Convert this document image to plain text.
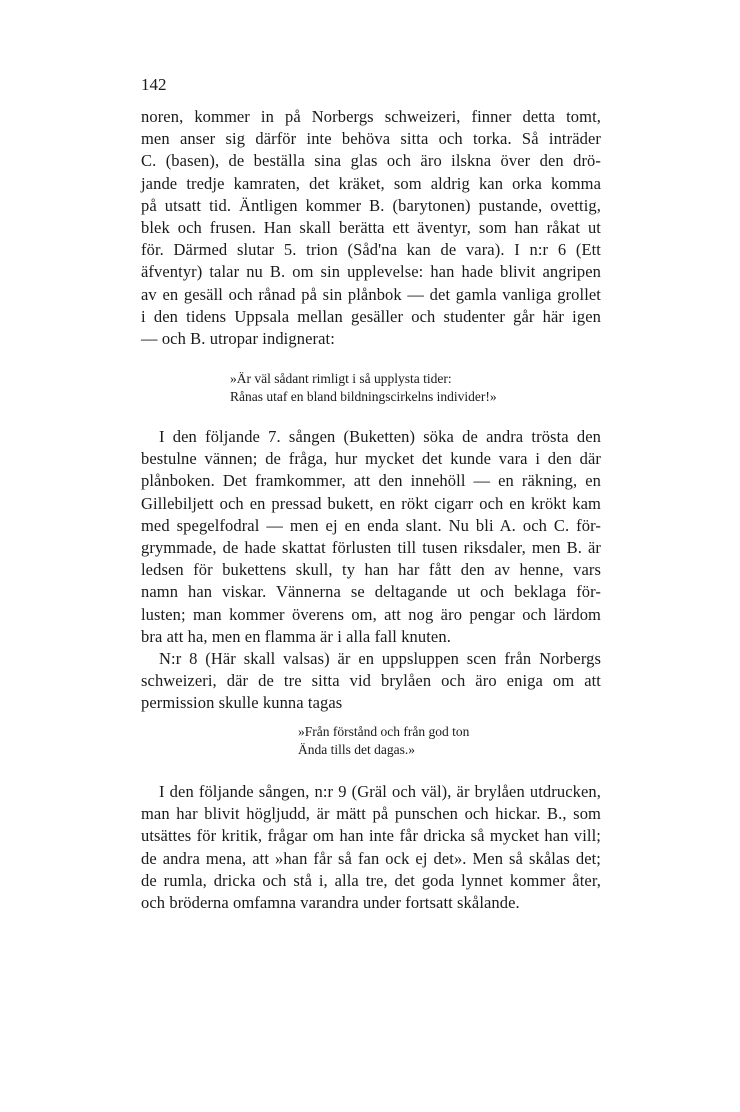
142
noren, kommer in på Norbergs schweizeri, finner detta tomt,
men anser sig därför inte behöva sitta och torka. Så inträder
C. (basen), de beställa sina glas och äro ilskna över den drö-
jande tredje kamraten, det kräket, som aldrig kan orka komma
på utsatt tid. Äntligen kommer B. (barytonen) pustande, ovettig,
blek och frusen. Han skall berätta ett äventyr, som han råkat ut
för. Därmed slutar 5. trion (Såd'na kan de vara). I n:r 6 (Ett
äfventyr) talar nu B. om sin upplevelse: han hade blivit angripen
av en gesäll och rånad på sin plånbok — det gamla vanliga grollet
i den tidens Uppsala mellan gesäller och studenter går här igen
— och B. utropar indignerat:
»Är väl sådant rimligt i så upplysta tider:
Rånas utaf en bland bildningscirkelns individer!»
I den följande 7. sången (Buketten) söka de andra trösta den
bestulne vännen; de fråga, hur mycket det kunde vara i den där
plånboken. Det framkommer, att den innehöll — en räkning, en
Gillebiljett och en pressad bukett, en rökt cigarr och en krökt kam
med spegelfodral — men ej en enda slant. Nu bli A. och C. för-
grymmade, de hade skattat förlusten till tusen riksdaler, men B. är
ledsen för bukettens skull, ty han har fått den av henne, vars
namn han viskar. Vännerna se deltagande ut och beklaga för-
lusten; man kommer överens om, att nog äro pengar och lärdom
bra att ha, men en flamma är i alla fall knuten.
N:r 8 (Här skall valsas) är en uppsluppen scen från Norbergs
schweizeri, där de tre sitta vid brylåen och äro eniga om att
permission skulle kunna tagas
»Från förstånd och från god ton
Ända tills det dagas.»
I den följande sången, n:r 9 (Gräl och väl), är brylåen utdrucken,
man har blivit högljudd, är mätt på punschen och hickar. B., som
utsättes för kritik, frågar om han inte får dricka så mycket han vill;
de andra mena, att »han får så fan ock ej det». Men så skålas det;
de rumla, dricka och stå i, alla tre, det goda lynnet kommer åter,
och bröderna omfamna varandra under fortsatt skålande.
